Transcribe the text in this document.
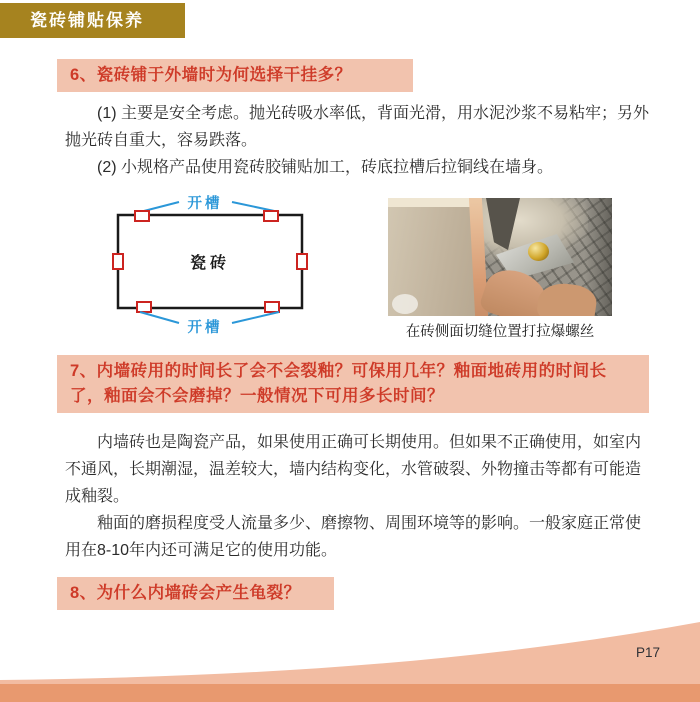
瓷砖铺贴保养
6、瓷砖铺于外墙时为何选择干挂多？

(1) 主要是安全考虑。抛光砖吸水率低，背面光滑，用水泥沙浆不易粘牢；另外抛光砖自重大，容易跌落。

(2) 小规格产品使用瓷砖胶铺贴加工，砖底拉槽后拉铜线在墙身。

开槽
瓷砖
开槽	在砖侧面切缝位置打拉爆螺丝
7、内墙砖用的时间长了会不会裂釉？可保用几年？釉面地砖用的时间长了，釉面会不会磨掉？一般情况下可用多长时间？

内墙砖也是陶瓷产品，如果使用正确可长期使用。但如果不正确使用，如室内不通风，长期潮湿，温差较大，墙内结构变化，水管破裂、外物撞击等都有可能造成釉裂。

釉面的磨损程度受人流量多少、磨擦物、周围环境等的影响。一般家庭正常使用在8-10年内还可满足它的使用功能。

8、为什么内墙砖会产生龟裂？
P17
